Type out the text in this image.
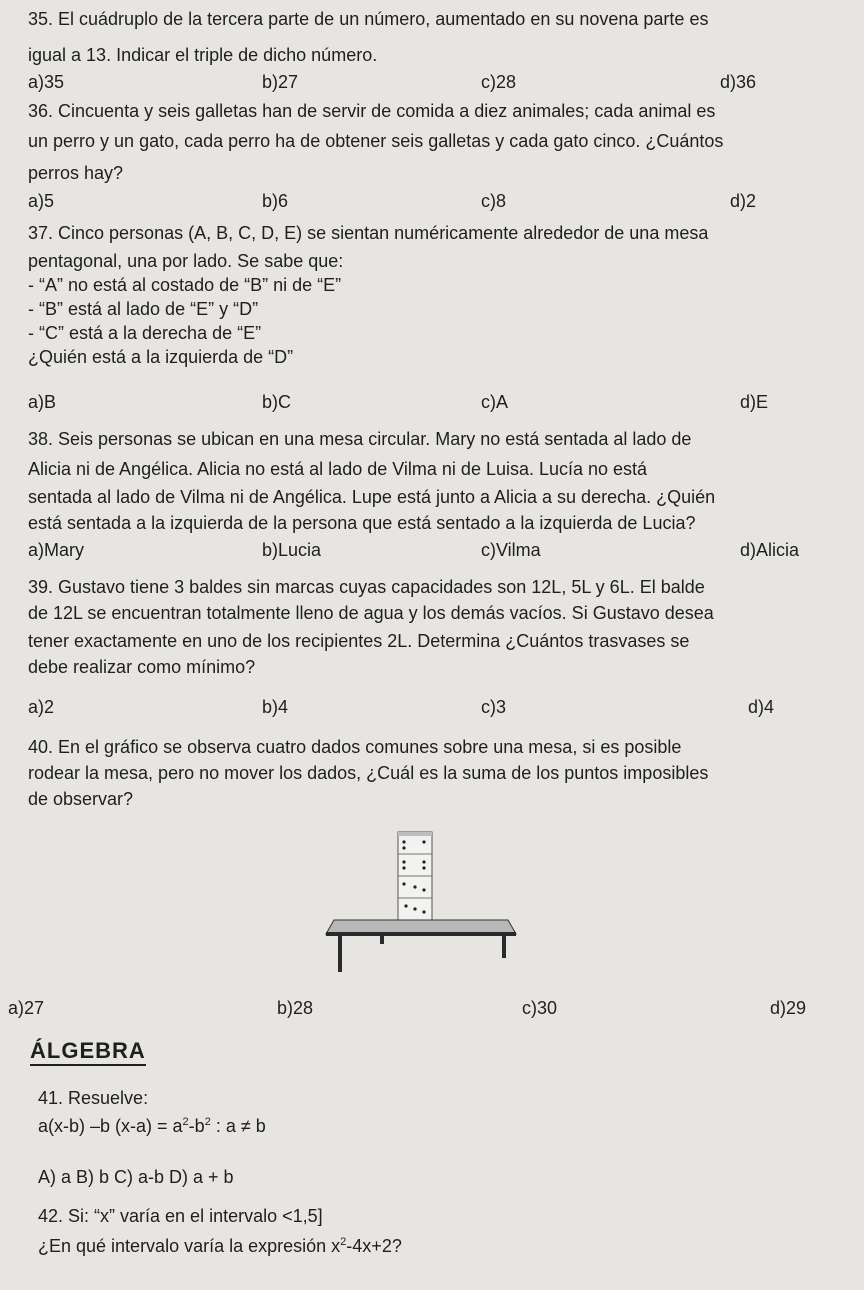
35. El cuádruplo de la tercera parte de un número, aumentado en su novena parte es
igual a 13. Indicar el triple de dicho número.
a)35	b)27	c)28	d)36
36. Cincuenta y seis galletas han de servir de comida a diez animales; cada animal es
un perro y un gato, cada perro ha de obtener seis galletas y cada gato cinco. ¿Cuántos
perros hay?
a)5	b)6	c)8	d)2
37. Cinco personas (A, B, C, D, E) se sientan numéricamente alrededor de una mesa
pentagonal, una por lado. Se sabe que:
- “A” no está al costado de “B” ni de “E”
- “B” está al lado de “E” y “D”
- “C” está a la derecha de “E”
¿Quién está a la izquierda de “D”
a)B	b)C	c)A	d)E
38. Seis personas se ubican en una mesa circular. Mary no está sentada al lado de
Alicia ni de Angélica. Alicia no está al lado de Vilma ni de Luisa. Lucía no está
sentada al lado de Vilma ni de Angélica. Lupe está junto a Alicia a su derecha. ¿Quién
está sentada a la izquierda de la persona que está sentado a la izquierda de Lucia?
a)Mary	b)Lucia	c)Vilma	d)Alicia
39. Gustavo tiene 3 baldes sin marcas cuyas capacidades son 12L, 5L y 6L. El balde
de 12L se encuentran totalmente lleno de agua y los demás vacíos. Si Gustavo desea
tener exactamente en uno de los recipientes 2L. Determina ¿Cuántos trasvases se
debe realizar como mínimo?
a)2	b)4	c)3	d)4
40. En el gráfico se observa cuatro dados comunes sobre una mesa, si es posible
rodear la mesa, pero no mover los dados, ¿Cuál es la suma de los puntos imposibles
de observar?
a)27	b)28	c)30	d)29
ÁLGEBRA
41. Resuelve:
a(x-b) –b $(x-a) = a^2-b^2$ : a ≠ b
A) a B) b C) a-b D) a + b
42. Si: “x” varía en el intervalo <1,5]
¿En qué intervalo varía la expresión $x^2-4x+2$?
